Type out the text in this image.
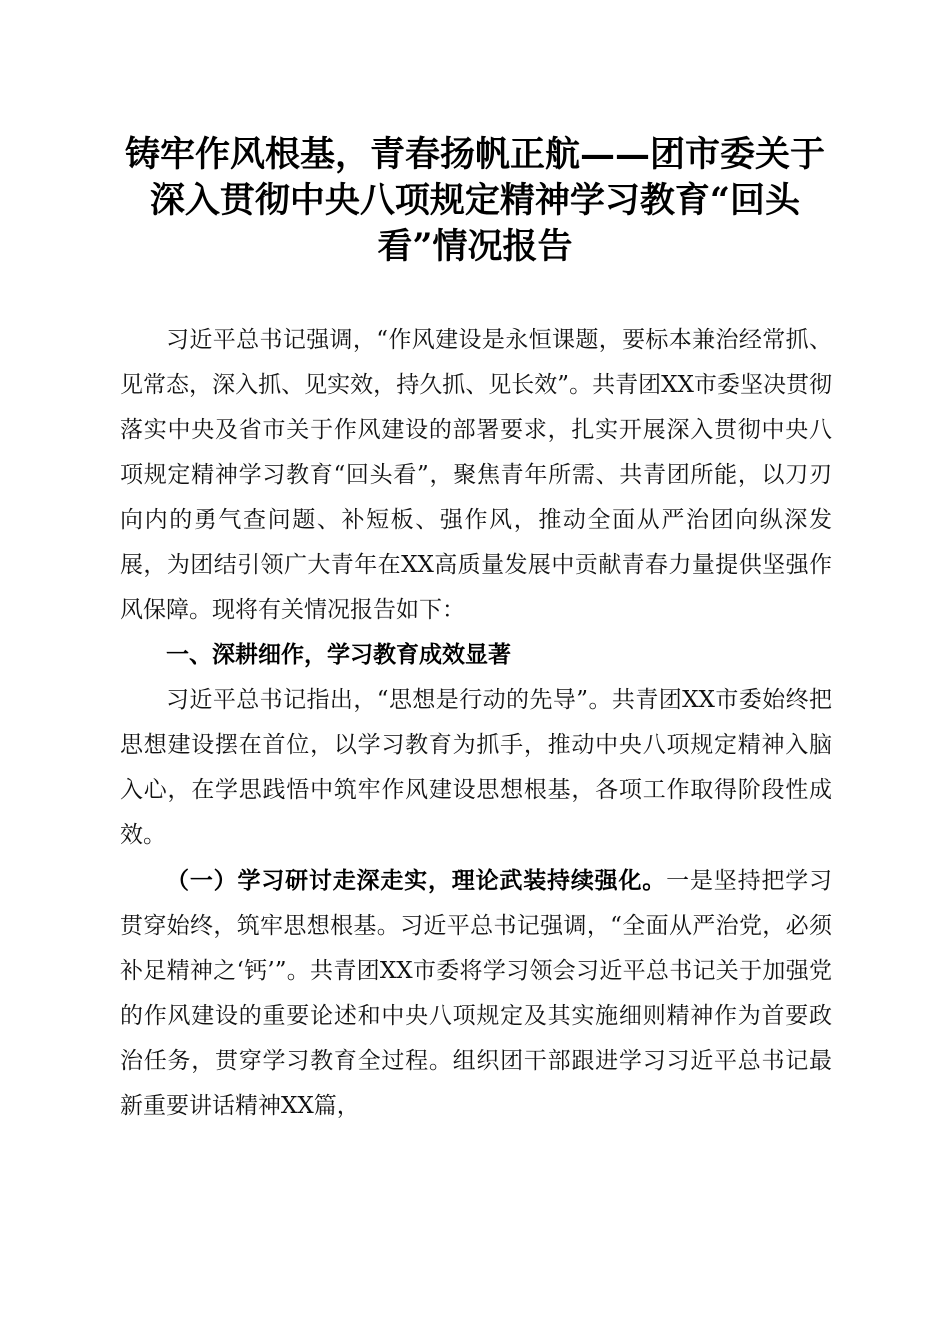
铸牢作风根基，青春扬帆正航——团市委关于深入贯彻中央八项规定精神学习教育“回头看”情况报告

习近平总书记强调，“作风建设是永恒课题，要标本兼治经常抓、见常态，深入抓、见实效，持久抓、见长效”。共青团XX市委坚决贯彻落实中央及省市关于作风建设的部署要求，扎实开展深入贯彻中央八项规定精神学习教育“回头看”，聚焦青年所需、共青团所能，以刀刃向内的勇气查问题、补短板、强作风，推动全面从严治团向纵深发展，为团结引领广大青年在XX高质量发展中贡献青春力量提供坚强作风保障。现将有关情况报告如下：

一、深耕细作，学习教育成效显著

习近平总书记指出，“思想是行动的先导”。共青团XX市委始终把思想建设摆在首位，以学习教育为抓手，推动中央八项规定精神入脑入心，在学思践悟中筑牢作风建设思想根基，各项工作取得阶段性成效。

（一）学习研讨走深走实，理论武装持续强化。一是坚持把学习贯穿始终，筑牢思想根基。习近平总书记强调，“全面从严治党，必须补足精神之‘钙’”。共青团XX市委将学习领会习近平总书记关于加强党的作风建设的重要论述和中央八项规定及其实施细则精神作为首要政治任务，贯穿学习教育全过程。组织团干部跟进学习习近平总书记最新重要讲话精神XX篇，
